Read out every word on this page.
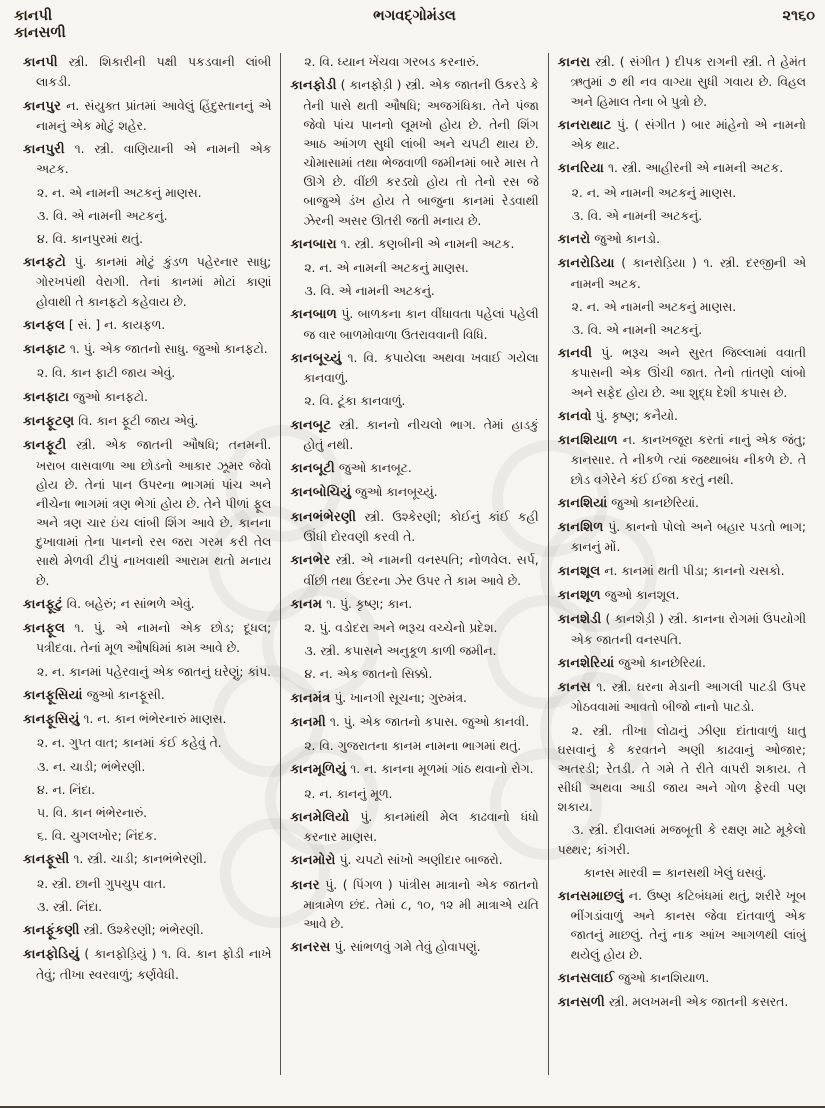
કાનપી	ભગવદ્ગોમંડલ	૨૧૬૦
કાનસળી

કાનપી સ્ત્રી. શિકારીની પક્ષી પકડવાની લાંબી લાકડી.

કાનપુર ન. સંયુક્ત પ્રાંતમાં આવેલું હિંદુસ્તાનનું એ નામનું એક મોટું શહેર.

કાનપુરી ૧. સ્ત્રી. વાણિયાની એ નામની એક અટક.

૨. ન. એ નામની અટકનું માણસ.

૩. વિ. એ નામની અટકનું.

૪. વિ. કાનપુરમાં થતું.

કાનફટો પું. કાનમાં મોટું કુંડળ પહેરનાર સાધુ; ગોરખપંથી વેરાગી. તેનાં કાનમાં મોટાં કાણાં હોવાથી તે કાનફટો કહેવાય છે.

કાનફલ [ સં. ] ન. કાયફળ.

કાનફાટ ૧. પું. એક જાતનો સાધુ. જુઓ કાનફટો.

૨. વિ. કાન ફાટી જાય એવું.

કાનફાટા જુઓ કાનફટો.

કાનફૂટણ વિ. કાન ફૂટી જાય એવું.

કાનફૂટી સ્ત્રી. એક જાતની ઔષધિ; તનમની. ખરાબ વાસવાળા આ છોડનો આકાર ઝૂમર જેવો હોય છે. તેનાં પાન ઉપરના ભાગમાં પાંચ અને નીચેના ભાગમાં ત્રણ ભેગાં હોય છે. તેને પીળાં ફૂલ અને ત્રણ ચાર ઇંચ લાંબી શિંગ આવે છે. કાનના દુખાવામાં તેના પાનનો રસ જરા ગરમ કરી તેલ સાથે મેળવી ટીપું નાખવાથી આરામ થતો મનાય છે.

કાનફૂટું વિ. બહેરું; ન સાંભળે એવું.

કાનફૂલ ૧. પું. એ નામનો એક છોડ; દૂધલ; પત્રીદવા. તેનાં મૂળ ઔષધિમાં કામ આવે છે.

૨. ન. કાનમાં પહેરવાનું એક જાતનું ઘરેણું; કાંપ.

કાનફૂસિયાં જુઓ કાનફૂસી.

કાનફૂસિયું ૧. ન. કાન ભંભેરનારું માણસ.

૨. ન. ગુપ્ત વાત; કાનમાં કંઈ કહેવું તે.

૩. ન. ચાડી; ભંભેરણી.

૪. ન. નિંદા.

૫. વિ. કાન ભંભેરનારું.

૬. વિ. ચુગલખોર; નિંદક.

કાનફૂસી ૧. સ્ત્રી. ચાડી; કાનભંભેરણી.

૨. સ્ત્રી. છાની ગુપચુપ વાત.

૩. સ્ત્રી. નિંદા.

કાનફૂંકણી સ્ત્રી. ઉશ્કેરણી; ભંભેરણી.

કાનફોડિયું ( કાનફોડ઼િયું ) ૧. વિ. કાન ફોડી નાખે તેવું; તીખા સ્વરવાળું; કર્ણવેધી.

૨. વિ. ધ્યાન ખેંચવા ગરબડ કરનારું.

કાનફોડી ( કાનફોડ઼ી ) સ્ત્રી. એક જાતની ઉકરડે કે તેની પાસે થતી ઔષધિ; અજગંધિકા. તેને પંજા જેવો પાંચ પાનનો લૂમખો હોય છે. તેની શિંગ આઠ આંગળ સુધી લાંબી અને ચપટી થાય છે. ચોમાસામાં તથા ભેજવાળી જમીનમાં બારે માસ તે ઊગે છે. વીંછી કરડ્યો હોય તો તેનો રસ જે બાજુએ ડંખ હોય તે બાજુના કાનમાં રેડવાથી ઝેરની અસર ઊતરી જતી મનાય છે.

કાનબારા ૧. સ્ત્રી. કણબીની એ નામની અટક.

૨. ન. એ નામની અટકનું માણસ.

૩. વિ. એ નામની અટકનું.

કાનબાળ પું. બાળકના કાન વીંધાવતા પહેલાં પહેલી જ વાર બાળમોવાળા ઉતરાવવાની વિધિ.

કાનબૂચ્યું ૧. વિ. કપાયેલા અથવા ખવાઈ ગયેલા કાનવાળું.

૨. વિ. ટૂંકા કાનવાળું.

કાનબૂટ સ્ત્રી. કાનનો નીચલો ભાગ. તેમાં હાડકું હોતું નથી.

કાનબૂટી જુઓ કાનબૂટ.

કાનબોચિયું જુઓ કાનબૂચ્યું.

કાનભંભેરણી સ્ત્રી. ઉશ્કેરણી; કોઈનું કાંઈ કહી ઊંધી દોરવણી કરવી તે.

કાનભેર સ્ત્રી. એ નામની વનસ્પતિ; નોળવેલ. સર્પ, વીંછી તથા ઉંદરના ઝેર ઉપર તે કામ આવે છે.

કાનમ ૧. પું. કૃષ્ણ; કાન.

૨. પું. વડોદરા અને ભરૂચ વચ્ચેનો પ્રદેશ.

૩. સ્ત્રી. કપાસને અનુકૂળ કાળી જમીન.

૪. ન. એક જાતનો સિક્કો.

કાનમંત્ર પું. ખાનગી સૂચના; ગુરુમંત્ર.

કાનમી ૧. પું. એક જાતનો કપાસ. જુઓ કાનવી.

૨. વિ. ગુજરાતના કાનમ નામના ભાગમાં થતું.

કાનમૂળિયું ૧. ન. કાનના મૂળમાં ગાંઠ થવાનો રોગ.

૨. ન. કાનનું મૂળ.

કાનમેલિયો પું. કાનમાંથી મેલ કાઢવાનો ધંધો કરનાર માણસ.

કાનમોરો પું. ચપટો સાંખો અણીદાર બાજરો.

કાનર પું. ( પિંગળ ) પાંત્રીસ માત્રાનો એક જાતનો માત્રામેળ છંદ. તેમાં ૮, ૧૦, ૧૨ મી માત્રાએ યતિ આવે છે.

કાનરસ પું. સાંભળવું ગમે તેવું હોવાપણું.

કાનરા સ્ત્રી. ( સંગીત ) દીપક રાગની સ્ત્રી. તે હેમંત ઋતુમાં ૭ થી નવ વાગ્યા સુધી ગવાય છે. વિહલ અને હિમાલ તેના બે પુત્રો છે.

કાનરાથાટ પું. ( સંગીત ) બાર માંહેનો એ નામનો એક થાટ.

કાનરિયા ૧. સ્ત્રી. આહીરની એ નામની અટક.

૨. ન. એ નામની અટકનું માણસ.

૩. વિ. એ નામની અટકનું.

કાનરો જુઓ કાનડો.

કાનરોડિયા ( કાનરોડ઼િયા ) ૧. સ્ત્રી. દરજીની એ નામની અટક.

૨. ન. એ નામની અટકનું માણસ.

૩. વિ. એ નામની અટકનું.

કાનવી પું. ભરૂચ અને સુરત જિલ્લામાં વવાતી કપાસની એક ઊંચી જાત. તેનો તાંતણો લાંબો અને સફેદ હોય છે. આ શુદ્ધ દેશી કપાસ છે.

કાનવો પું. કૃષ્ણ; કનૈયો.

કાનશિયાળ ન. કાનખજૂરા કરતાં નાનું એક જંતુ; કાનસાર. તે નીકળે ત્યાં જથ્થાબંધ નીકળે છે. તે છોડ વગેરેને કંઈ ઈજા કરતું નથી.

કાનશિયાં જુઓ કાનછેરિયાં.

કાનશિળ પું. કાનનો પોલો અને બહાર પડતો ભાગ; કાનનું મોં.

કાનશૂલ ન. કાનમાં થતી પીડા; કાનનો ચસકો.

કાનશૂળ જુઓ કાનશૂલ.

કાનશેડી ( કાનશેડ઼ી ) સ્ત્રી. કાનના રોગમાં ઉપયોગી એક જાતની વનસ્પતિ.

કાનશેરિયાં જુઓ કાનછેરિયાં.

કાનસ ૧. સ્ત્રી. ઘરના મેડાની આગલી પાટડી ઉપર ગોઠવવામાં આવતો બીજો નાનો પાટડો.

૨. સ્ત્રી. તીખા લોઢાનું ઝીણા દાંતાવાળું ધાતુ ઘસવાનું કે કરવતને અણી કાઢવાનું ઓજાર; અતરડી; રેતડી. તે ગમે તે રીતે વાપરી શકાય. તે સીધી અથવા આડી જાય અને ગોળ ફેરવી પણ શકાય.

૩. સ્ત્રી. દીવાલમાં મજબૂતી કે રક્ષણ માટે મૂકેલો પથ્થર; કાંગરી.

કાનસ મારવી = કાનસથી ખેલું ઘસવું.

કાનસમાછલું ન. ઉષ્ણ કટિબંધમાં થતું, શરીરે ખૂબ ભીંગડાંવાળું અને કાનસ જેવા દાંતવાળું એક જાતનું માછલું. તેનું નાક આંખ આગળથી લાંબું થયેલું હોય છે.

કાનસલાઈ જુઓ કાનશિયાળ.

કાનસળી સ્ત્રી. મલખમની એક જાતની કસરત.
